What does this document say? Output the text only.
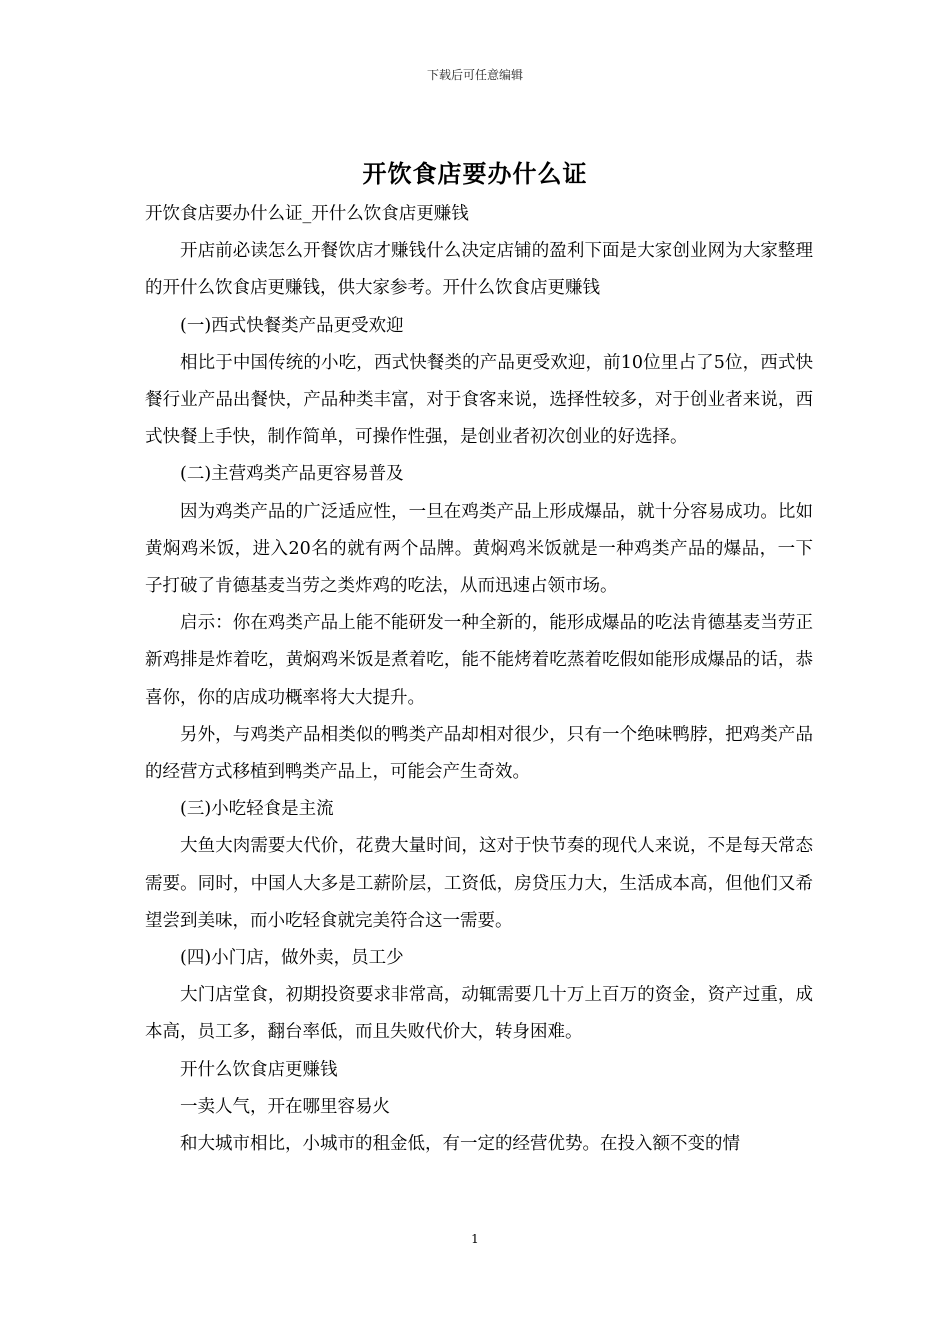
下载后可任意编辑
开饮食店要办什么证

开饮食店要办什么证_开什么饮食店更赚钱

开店前必读怎么开餐饮店才赚钱什么决定店铺的盈利下面是大家创业网为大家整理的开什么饮食店更赚钱，供大家参考。开什么饮食店更赚钱

(一)西式快餐类产品更受欢迎

相比于中国传统的小吃，西式快餐类的产品更受欢迎，前10位里占了5位，西式快餐行业产品出餐快，产品种类丰富，对于食客来说，选择性较多，对于创业者来说，西式快餐上手快，制作简单，可操作性强，是创业者初次创业的好选择。

(二)主营鸡类产品更容易普及

因为鸡类产品的广泛适应性，一旦在鸡类产品上形成爆品，就十分容易成功。比如黄焖鸡米饭，进入20名的就有两个品牌。黄焖鸡米饭就是一种鸡类产品的爆品，一下子打破了肯德基麦当劳之类炸鸡的吃法，从而迅速占领市场。

启示：你在鸡类产品上能不能研发一种全新的，能形成爆品的吃法肯德基麦当劳正新鸡排是炸着吃，黄焖鸡米饭是煮着吃，能不能烤着吃蒸着吃假如能形成爆品的话，恭喜你，你的店成功概率将大大提升。

另外，与鸡类产品相类似的鸭类产品却相对很少，只有一个绝味鸭脖，把鸡类产品的经营方式移植到鸭类产品上，可能会产生奇效。

(三)小吃轻食是主流

大鱼大肉需要大代价，花费大量时间，这对于快节奏的现代人来说，不是每天常态需要。同时，中国人大多是工薪阶层，工资低，房贷压力大，生活成本高，但他们又希望尝到美味，而小吃轻食就完美符合这一需要。

(四)小门店，做外卖，员工少

大门店堂食，初期投资要求非常高，动辄需要几十万上百万的资金，资产过重，成本高，员工多，翻台率低，而且失败代价大，转身困难。

开什么饮食店更赚钱

一卖人气，开在哪里容易火

和大城市相比，小城市的租金低，有一定的经营优势。在投入额不变的情

1
